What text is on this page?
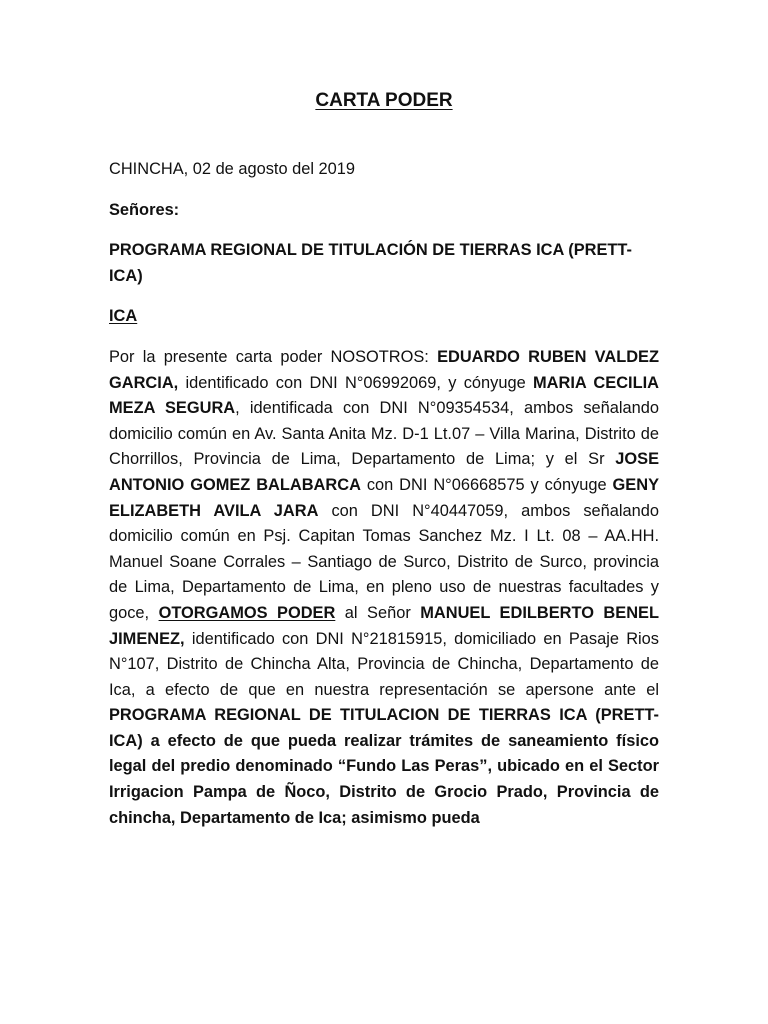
CARTA PODER

CHINCHA, 02 de agosto del 2019

Señores:

PROGRAMA REGIONAL DE TITULACIÓN DE TIERRAS ICA (PRETT-ICA)

ICA

Por la presente carta poder NOSOTROS: EDUARDO RUBEN VALDEZ GARCIA, identificado con DNI N°06992069, y cónyuge MARIA CECILIA MEZA SEGURA, identificada con DNI N°09354534, ambos señalando domicilio común en Av. Santa Anita Mz. D-1 Lt.07 – Villa Marina, Distrito de Chorrillos, Provincia de Lima, Departamento de Lima; y el Sr JOSE ANTONIO GOMEZ BALABARCA con DNI N°06668575 y cónyuge GENY ELIZABETH AVILA JARA con DNI N°40447059, ambos señalando domicilio común en Psj. Capitan Tomas Sanchez Mz. I Lt. 08 – AA.HH. Manuel Soane Corrales – Santiago de Surco, Distrito de Surco, provincia de Lima, Departamento de Lima, en pleno uso de nuestras facultades y goce, OTORGAMOS PODER al Señor MANUEL EDILBERTO BENEL JIMENEZ, identificado con DNI N°21815915, domiciliado en Pasaje Rios N°107, Distrito de Chincha Alta, Provincia de Chincha, Departamento de Ica, a efecto de que en nuestra representación se apersone ante el PROGRAMA REGIONAL DE TITULACION DE TIERRAS ICA (PRETT-ICA) a efecto de que pueda realizar trámites de saneamiento físico legal del predio denominado “Fundo Las Peras”, ubicado en el Sector Irrigacion Pampa de Ñoco, Distrito de Grocio Prado, Provincia de chincha, Departamento de Ica; asimismo pueda
